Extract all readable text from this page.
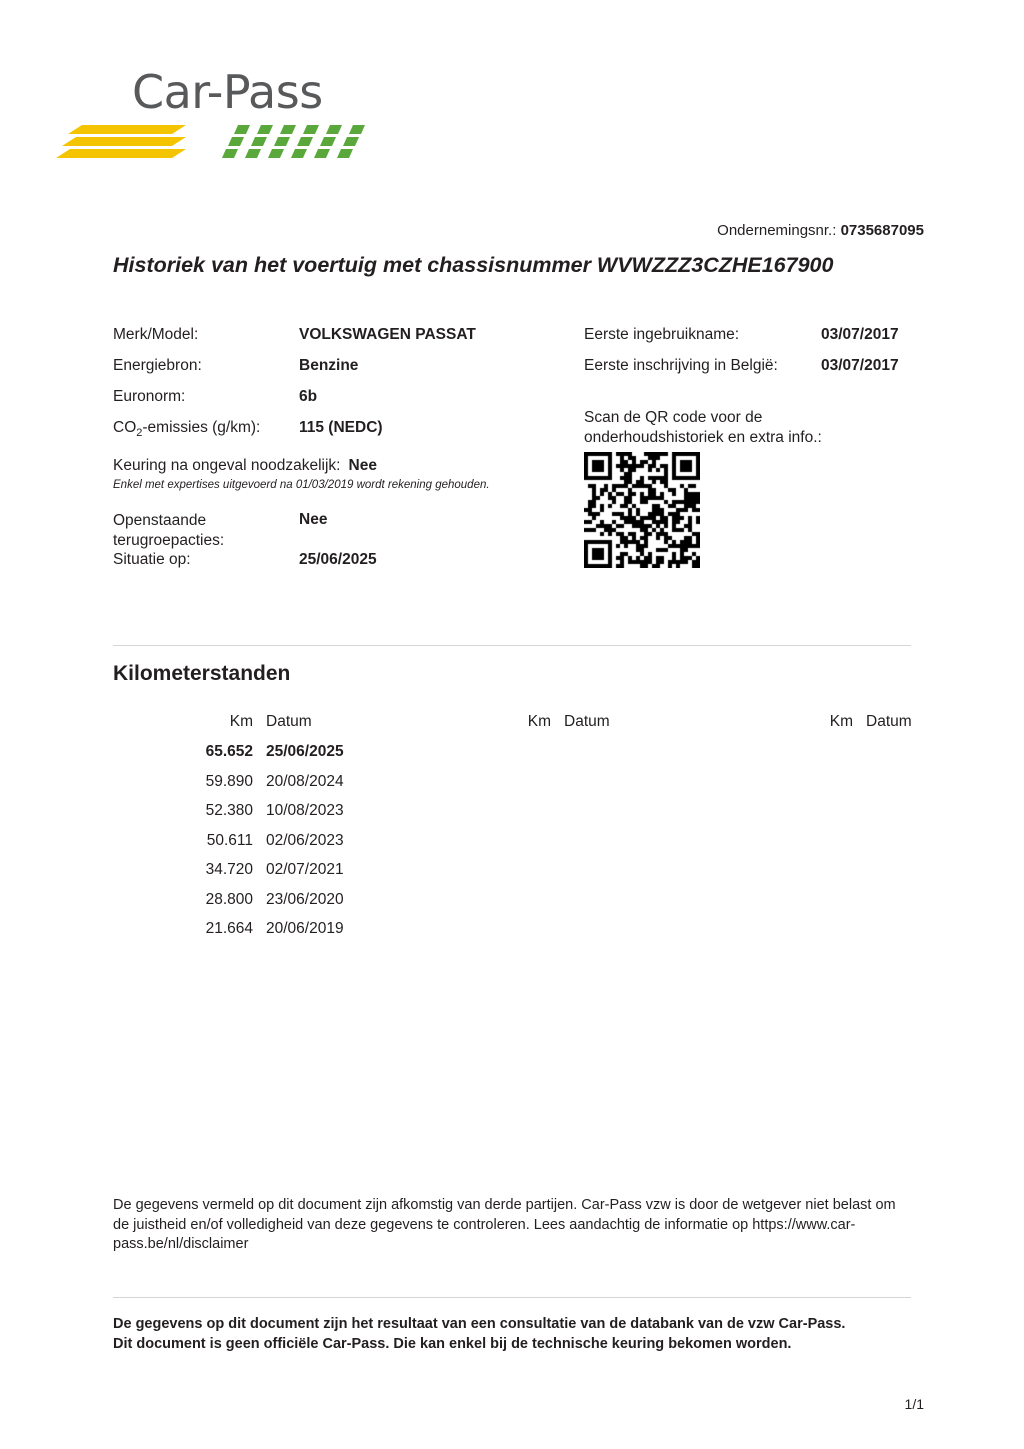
Car-Pass
Ondernemingsnr.: 0735687095
Historiek van het voertuig met chassisnummer WVWZZZ3CZHE167900
Merk/Model:	VOLKSWAGEN PASSAT	Eerste ingebruikname:	03/07/2017
Energiebron:	Benzine	Eerste inschrijving in België:	03/07/2017
Euronorm:	6b
$CO_2$-emissies (g/km): 115 (NEDC)
Scan de QR code voor de
onderhoudshistoriek en extra info.:
Keuring na ongeval noodzakelijk: Nee
Enkel met expertises uitgevoerd na 01/03/2019 wordt rekening gehouden.
Openstaande
terugroepacties:
Nee
Situatie op:	25/06/2025
Kilometerstanden
Km Datum
65.652 25/06/2025
59.890 20/08/2024
52.380 10/08/2023
50.611 02/06/2023
34.720 02/07/2021
28.800 23/06/2020
21.664 20/06/2019
Km Datum	Km Datum
De gegevens vermeld op dit document zijn afkomstig van derde partijen. Car-Pass vzw is door de wetgever niet belast om de juistheid en/of volledigheid van deze gegevens te controleren. Lees aandachtig de informatie op https://www.car-pass.be/nl/disclaimer
De gegevens op dit document zijn het resultaat van een consultatie van de databank van de vzw Car-Pass.
Dit document is geen officiële Car-Pass. Die kan enkel bij de technische keuring bekomen worden.
1/1
